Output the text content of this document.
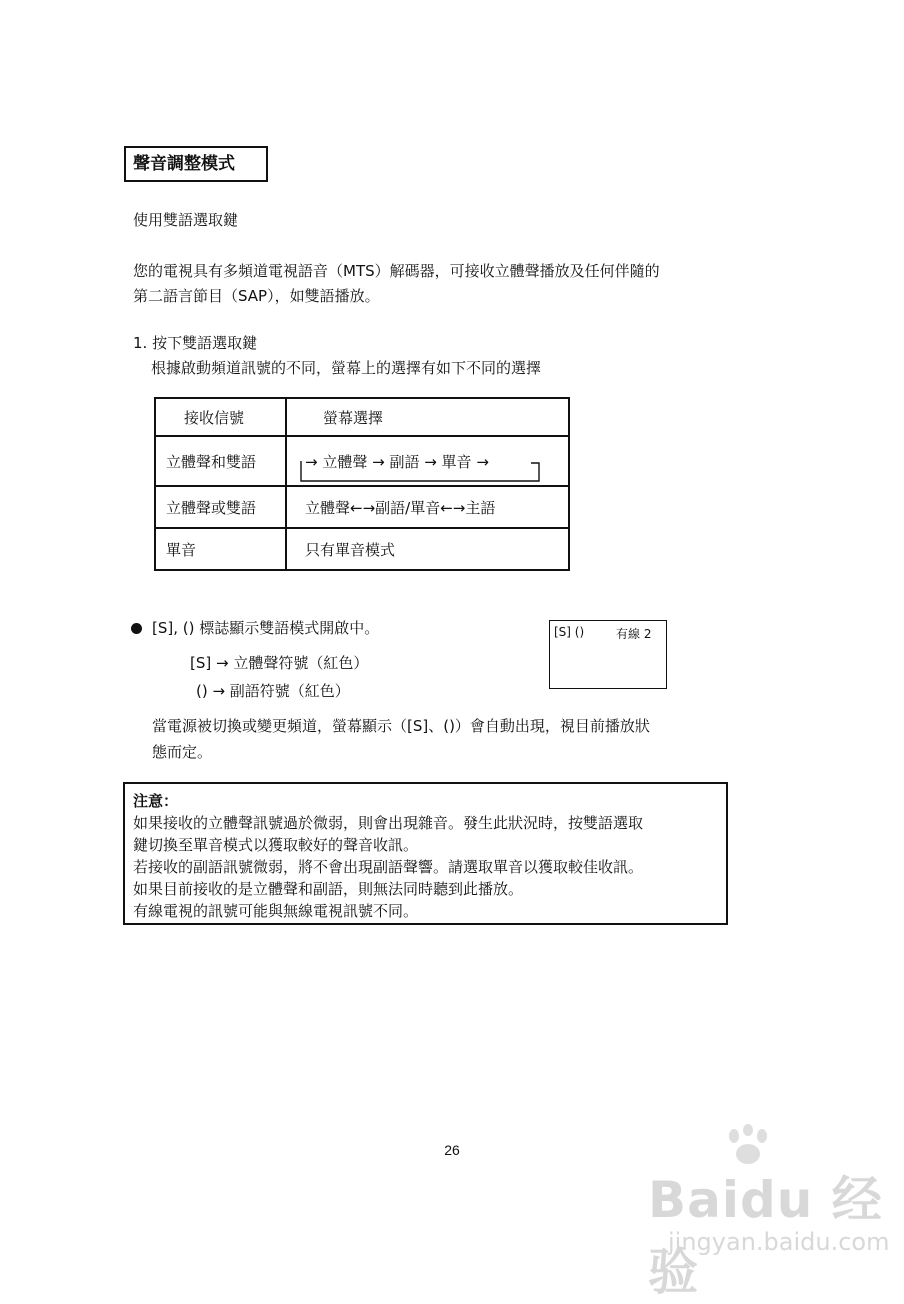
聲音調整模式
使用雙語選取鍵
您的電視具有多頻道電視語音（MTS）解碼器，可接收立體聲播放及任何伴隨的
第二語言節目（SAP），如雙語播放。
1. 按下雙語選取鍵
根據啟動頻道訊號的不同，螢幕上的選擇有如下不同的選擇
接收信號	螢幕選擇
立體聲和雙語	→ 立體聲 → 副語 → 單音 →
立體聲或雙語	立體聲←→副語/單音←→主語
單音	只有單音模式
[S], () 標誌顯示雙語模式開啟中。
[S] → 立體聲符號（紅色）
() → 副語符號（紅色）
當電源被切換或變更頻道，螢幕顯示（[S]、()）會自動出現，視目前播放狀
態而定。
[S] ()	有線 2
注意：
如果接收的立體聲訊號過於微弱，則會出現雜音。發生此狀況時，按雙語選取
鍵切換至單音模式以獲取較好的聲音收訊。
若接收的副語訊號微弱，將不會出現副語聲響。請選取單音以獲取較佳收訊。
如果目前接收的是立體聲和副語，則無法同時聽到此播放。
有線電視的訊號可能與無線電視訊號不同。
26
Baidu 经验
jingyan.baidu.com
